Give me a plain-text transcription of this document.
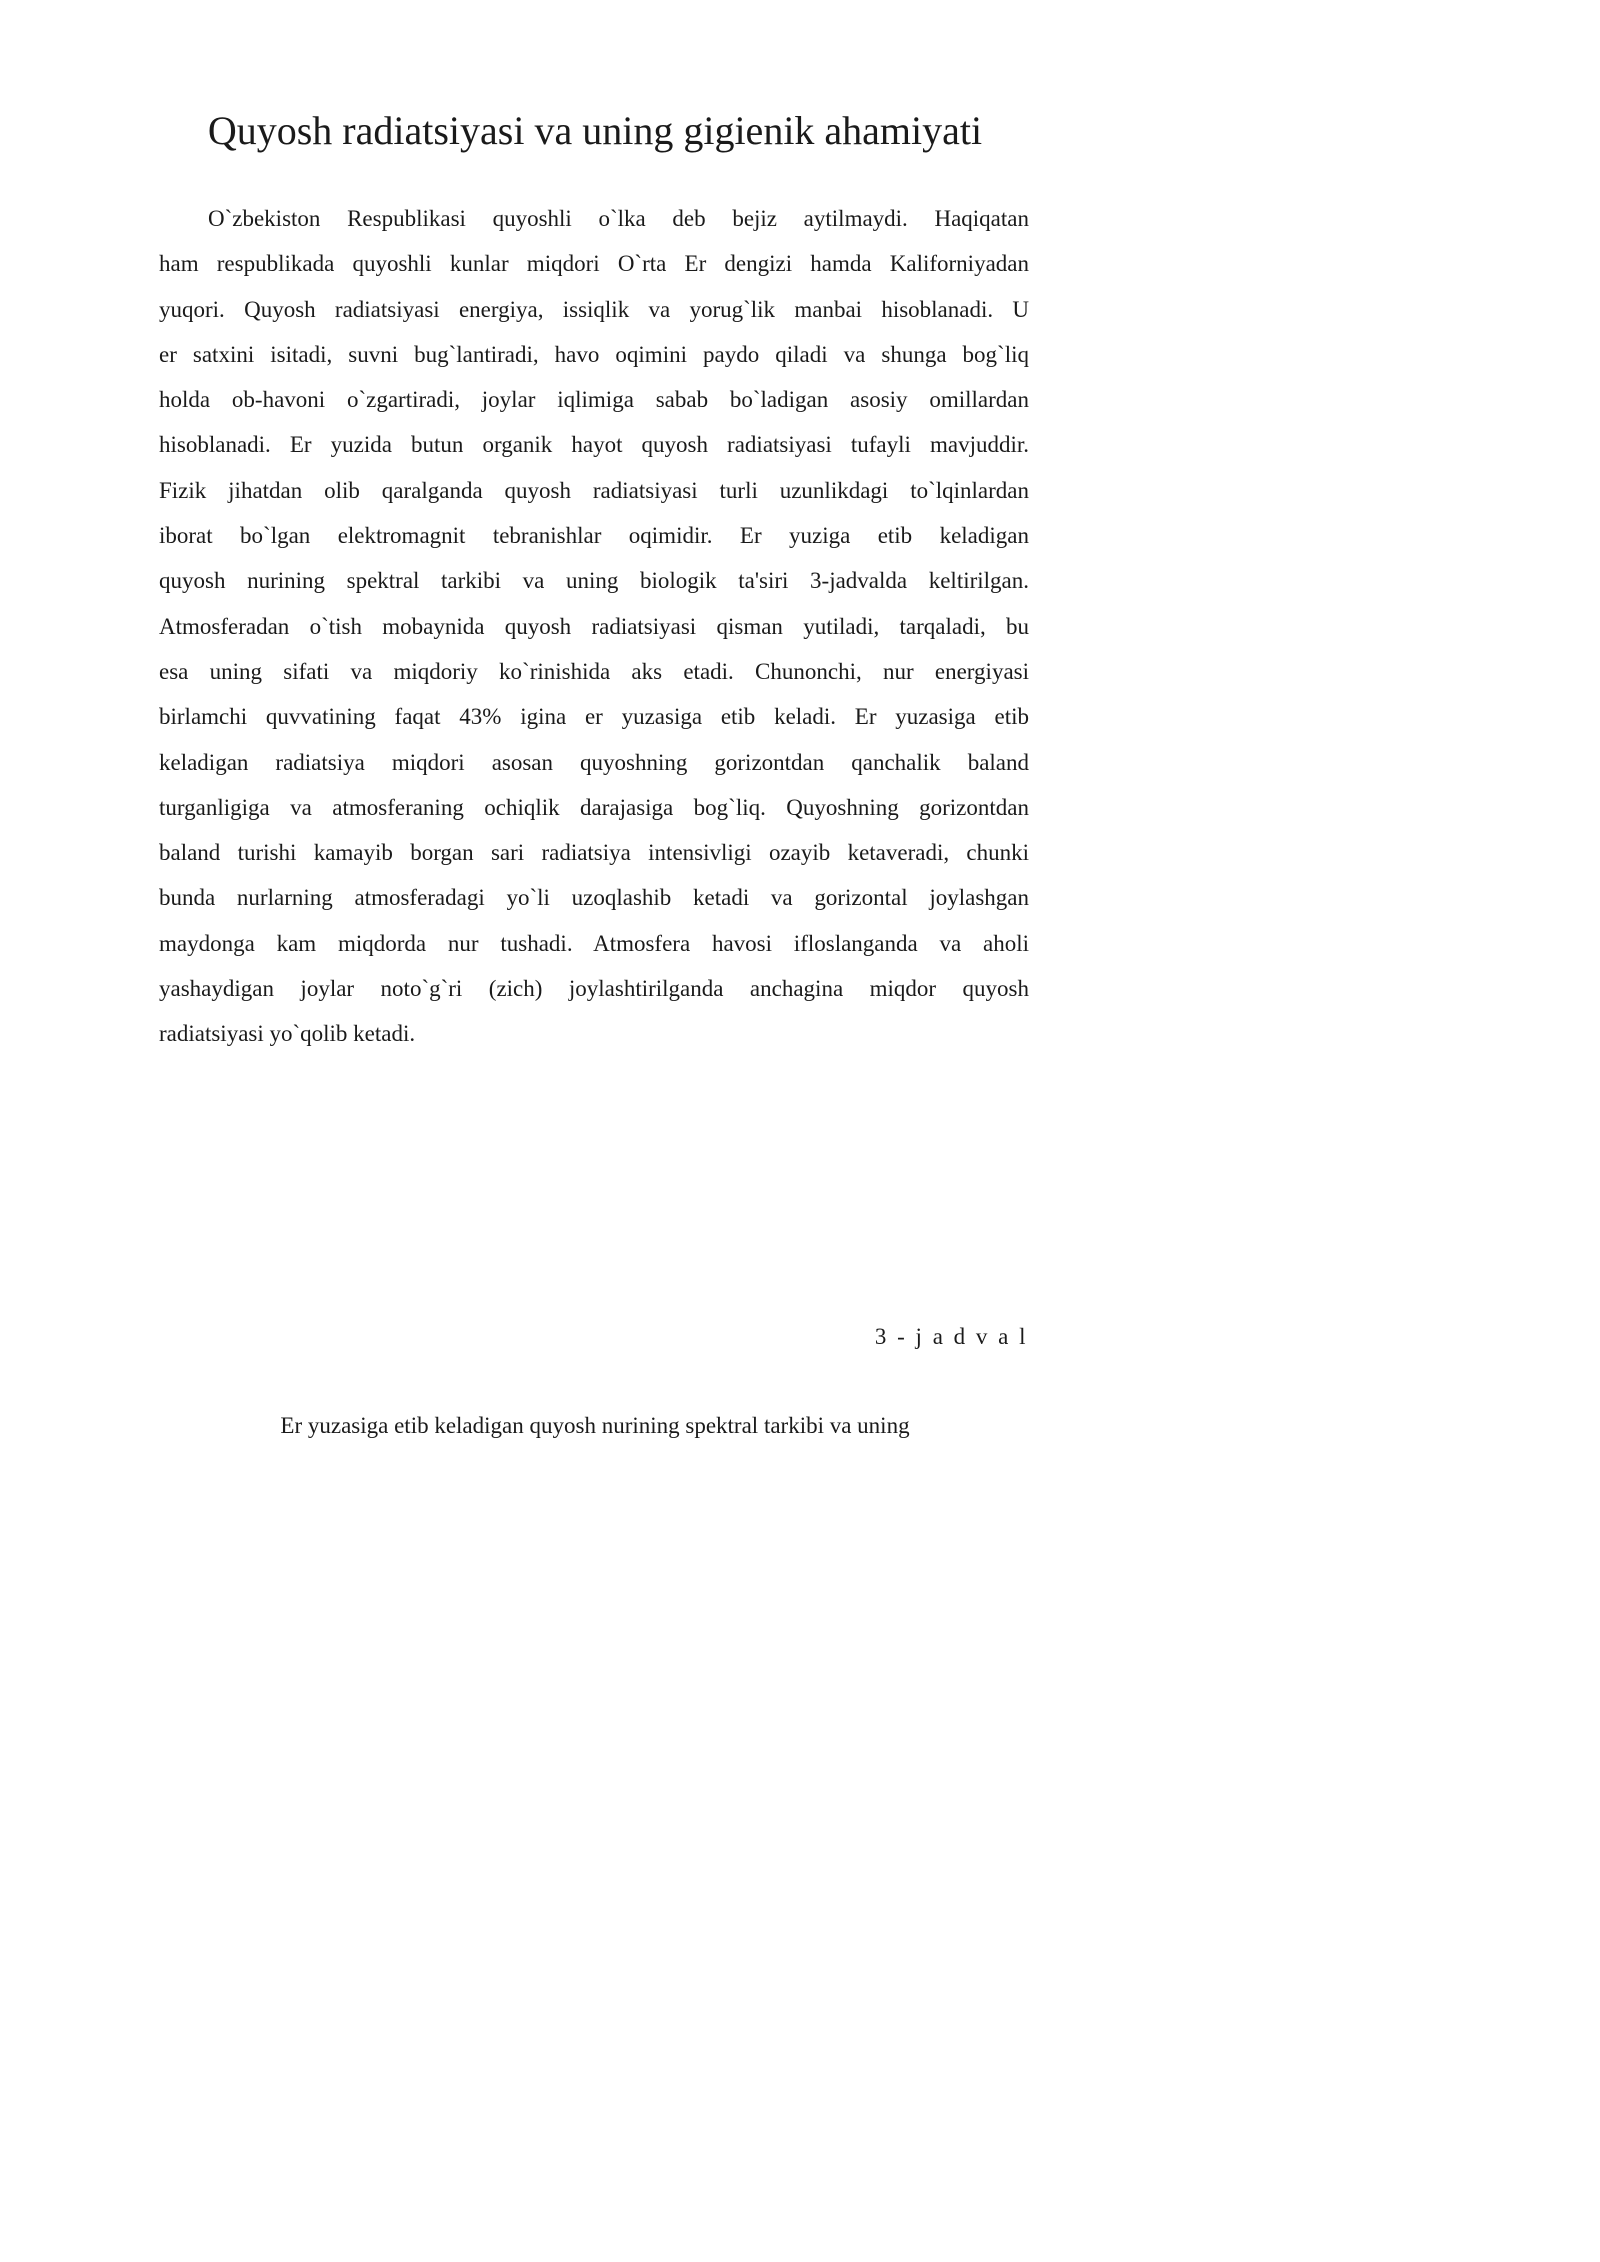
Quyosh radiatsiyasi va uning gigienik ahamiyati
O`zbekiston Respublikasi quyoshli o`lka deb bejiz aytilmaydi. Haqiqatan
ham respublikada quyoshli kunlar miqdori O`rta Er dengizi hamda Kaliforniyadan
yuqori. Quyosh radiatsiyasi energiya, issiqlik va yorug`lik manbai hisoblanadi. U
er satxini isitadi, suvni bug`lantiradi, havo oqimini paydo qiladi va shunga bog`liq
holda ob-havoni o`zgartiradi, joylar iqlimiga sabab bo`ladigan asosiy omillardan
hisoblanadi. Er yuzida butun organik hayot quyosh radiatsiyasi tufayli mavjuddir.
Fizik jihatdan olib qaralganda quyosh radiatsiyasi turli uzunlikdagi to`lqinlardan
iborat bo`lgan elektromagnit tebranishlar oqimidir. Er yuziga etib keladigan
quyosh nurining spektral tarkibi va uning biologik ta'siri 3-jadvalda keltirilgan.
Atmosferadan o`tish mobaynida quyosh radiatsiyasi qisman yutiladi, tarqaladi, bu
esa uning sifati va miqdoriy ko`rinishida aks etadi. Chunonchi, nur energiyasi
birlamchi quvvatining faqat 43% igina er yuzasiga etib keladi. Er yuzasiga etib
keladigan radiatsiya miqdori asosan quyoshning gorizontdan qanchalik baland
turganligiga va atmosferaning ochiqlik darajasiga bog`liq. Quyoshning gorizontdan
baland turishi kamayib borgan sari radiatsiya intensivligi ozayib ketaveradi, chunki
bunda nurlarning atmosferadagi yo`li uzoqlashib ketadi va gorizontal joylashgan
maydonga kam miqdorda nur tushadi. Atmosfera havosi ifloslanganda va aholi
yashaydigan joylar noto`g`ri (zich) joylashtirilganda anchagina miqdor quyosh
radiatsiyasi yo`qolib ketadi.

3 - j a d v a l

Er yuzasiga etib keladigan quyosh nurining spektral tarkibi va uning
